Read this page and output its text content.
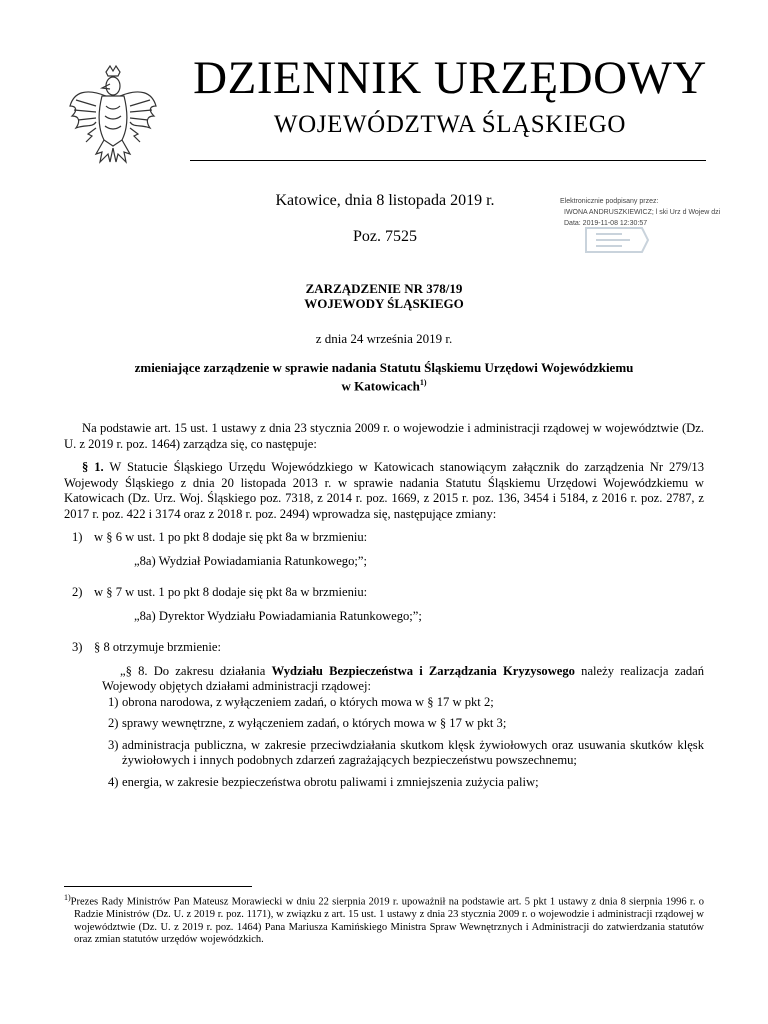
DZIENNIK URZĘDOWY
WOJEWÓDZTWA ŚLĄSKIEGO
Katowice, dnia 8 listopada 2019 r.
Poz. 7525
Elektronicznie podpisany przez:
IWONA ANDRUSZKIEWICZ; l ski Urz d Wojew dzi
Data: 2019-11-08 12:30:57
ZARZĄDZENIE NR 378/19
WOJEWODY ŚLĄSKIEGO
z dnia 24 września 2019 r.
zmieniające zarządzenie w sprawie nadania Statutu Śląskiemu Urzędowi Wojewódzkiemu
w Katowicach$^{1)}$

Na podstawie art. 15 ust. 1 ustawy z dnia 23 stycznia 2009 r. o wojewodzie i administracji rządowej w województwie (Dz. U. z 2019 r. poz. 1464) zarządza się, co następuje:

§ 1. W Statucie Śląskiego Urzędu Wojewódzkiego w Katowicach stanowiącym załącznik do zarządzenia Nr 279/13 Wojewody Śląskiego z dnia 20 listopada 2013 r. w sprawie nadania Statutu Śląskiemu Urzędowi Wojewódzkiemu w Katowicach (Dz. Urz. Woj. Śląskiego poz. 7318, z 2014 r. poz. 1669, z 2015 r. poz. 136, 3454 i 5184, z 2016 r. poz. 2787, z 2017 r. poz. 422 i 3174 oraz z 2018 r. poz. 2494) wprowadza się, następujące zmiany:

1) w § 6 w ust. 1 po pkt 8 dodaje się pkt 8a w brzmieniu:
„8a) Wydział Powiadamiania Ratunkowego;”;
2) w § 7 w ust. 1 po pkt 8 dodaje się pkt 8a w brzmieniu:
„8a) Dyrektor Wydziału Powiadamiania Ratunkowego;”;
3) § 8 otrzymuje brzmienie:

„§ 8. Do zakresu działania Wydziału Bezpieczeństwa i Zarządzania Kryzysowego należy realizacja zadań Wojewody objętych działami administracji rządowej:

1) obrona narodowa, z wyłączeniem zadań, o których mowa w § 17 w pkt 2;
2) sprawy wewnętrzne, z wyłączeniem zadań, o których mowa w § 17 w pkt 3;
3) administracja publiczna, w zakresie przeciwdziałania skutkom klęsk żywiołowych oraz usuwania skutków klęsk żywiołowych i innych podobnych zdarzeń zagrażających bezpieczeństwu powszechnemu;
4) energia, w zakresie bezpieczeństwa obrotu paliwami i zmniejszenia zużycia paliw;
$^{1)}$Prezes Rady Ministrów Pan Mateusz Morawiecki w dniu 22 sierpnia 2019 r. upoważnił na podstawie art. 5 pkt 1 ustawy z dnia 8 sierpnia 1996 r. o Radzie Ministrów (Dz. U. z 2019 r. poz. 1171), w związku z art. 15 ust. 1 ustawy z dnia 23 stycznia 2009 r. o wojewodzie i administracji rządowej w województwie (Dz. U. z 2019 r. poz. 1464) Pana Mariusza Kamińskiego Ministra Spraw Wewnętrznych i Administracji do zatwierdzania statutów oraz zmian statutów urzędów wojewódzkich.
